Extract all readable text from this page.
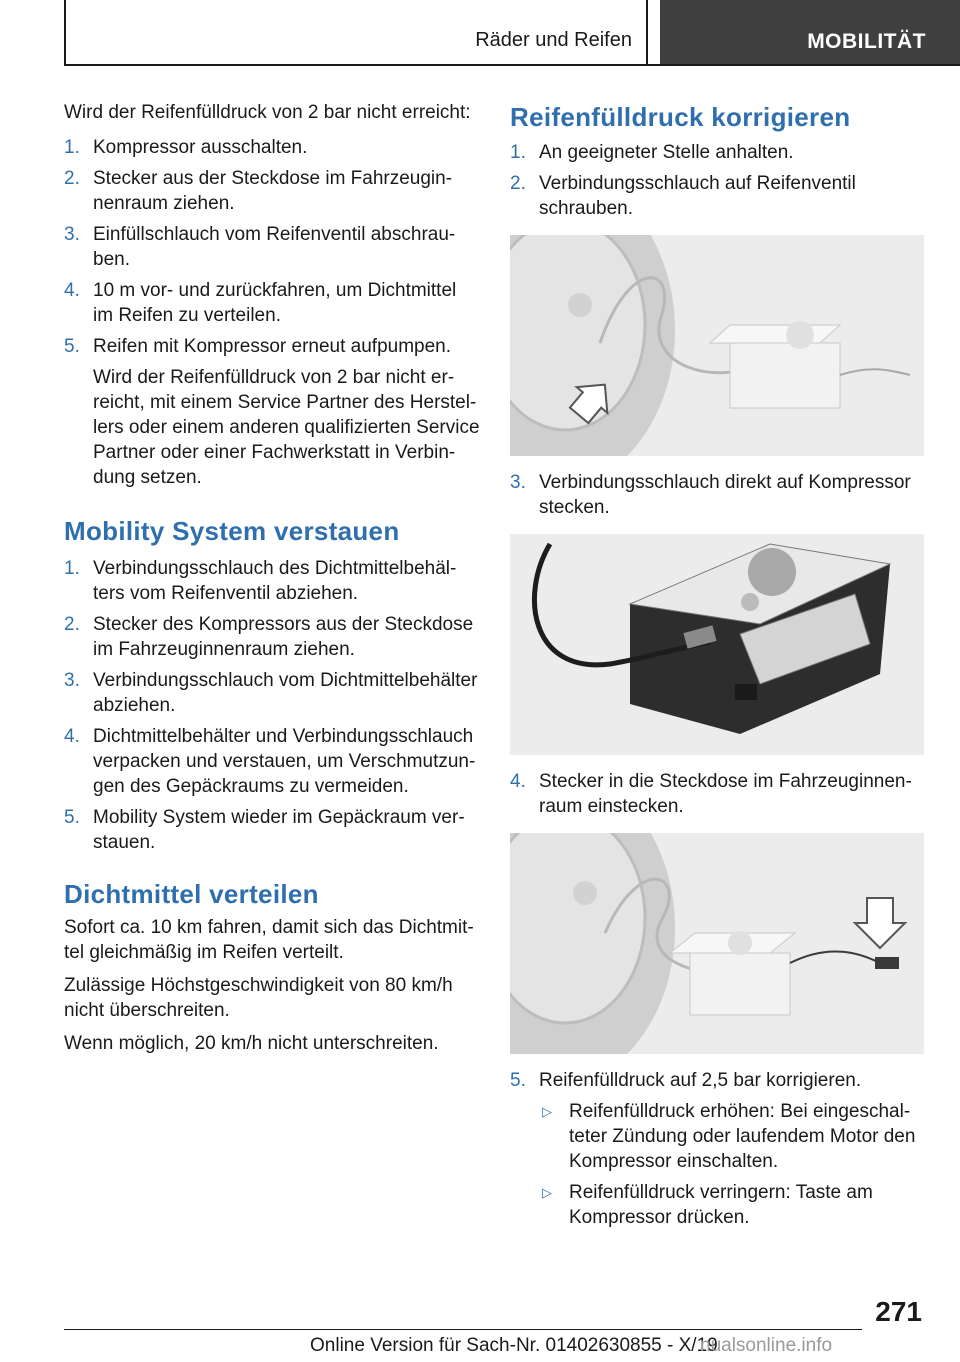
Räder und Reifen	MOBILITÄT

Wird der Reifenfülldruck von 2 bar nicht erreicht:

1. Kompressor ausschalten.
2. Stecker aus der Steckdose im Fahrzeuginnenraum ziehen.
3. Einfüllschlauch vom Reifenventil abschrauben.
4. 10 m vor- und zurückfahren, um Dichtmittel im Reifen zu verteilen.
5. Reifen mit Kompressor erneut aufpumpen.

Wird der Reifenfülldruck von 2 bar nicht erreicht, mit einem Service Partner des Herstellers oder einem anderen qualifizierten Service Partner oder einer Fachwerkstatt in Verbindung setzen.

Mobility System verstauen
1. Verbindungsschlauch des Dichtmittelbehälters vom Reifenventil abziehen.
2. Stecker des Kompressors aus der Steckdose im Fahrzeuginnenraum ziehen.
3. Verbindungsschlauch vom Dichtmittelbehälter abziehen.
4. Dichtmittelbehälter und Verbindungsschlauch verpacken und verstauen, um Verschmutzungen des Gepäckraums zu vermeiden.
5. Mobility System wieder im Gepäckraum verstauen.
Dichtmittel verteilen

Sofort ca. 10 km fahren, damit sich das Dichtmittel gleichmäßig im Reifen verteilt.

Zulässige Höchstgeschwindigkeit von 80 km/h nicht überschreiten.

Wenn möglich, 20 km/h nicht unterschreiten.

Reifenfülldruck korrigieren
1. An geeigneter Stelle anhalten.
2. Verbindungsschlauch auf Reifenventil schrauben.
3. Verbindungsschlauch direkt auf Kompressor stecken.
4. Stecker in die Steckdose im Fahrzeuginnenraum einstecken.
5. Reifenfülldruck auf 2,5 bar korrigieren.
▷ Reifenfülldruck erhöhen: Bei eingeschalteter Zündung oder laufendem Motor den Kompressor einschalten.
▷ Reifenfülldruck verringern: Taste am Kompressor drücken.
271
Online Version für Sach-Nr. 01402630855 - X/19
nualsonline.info
